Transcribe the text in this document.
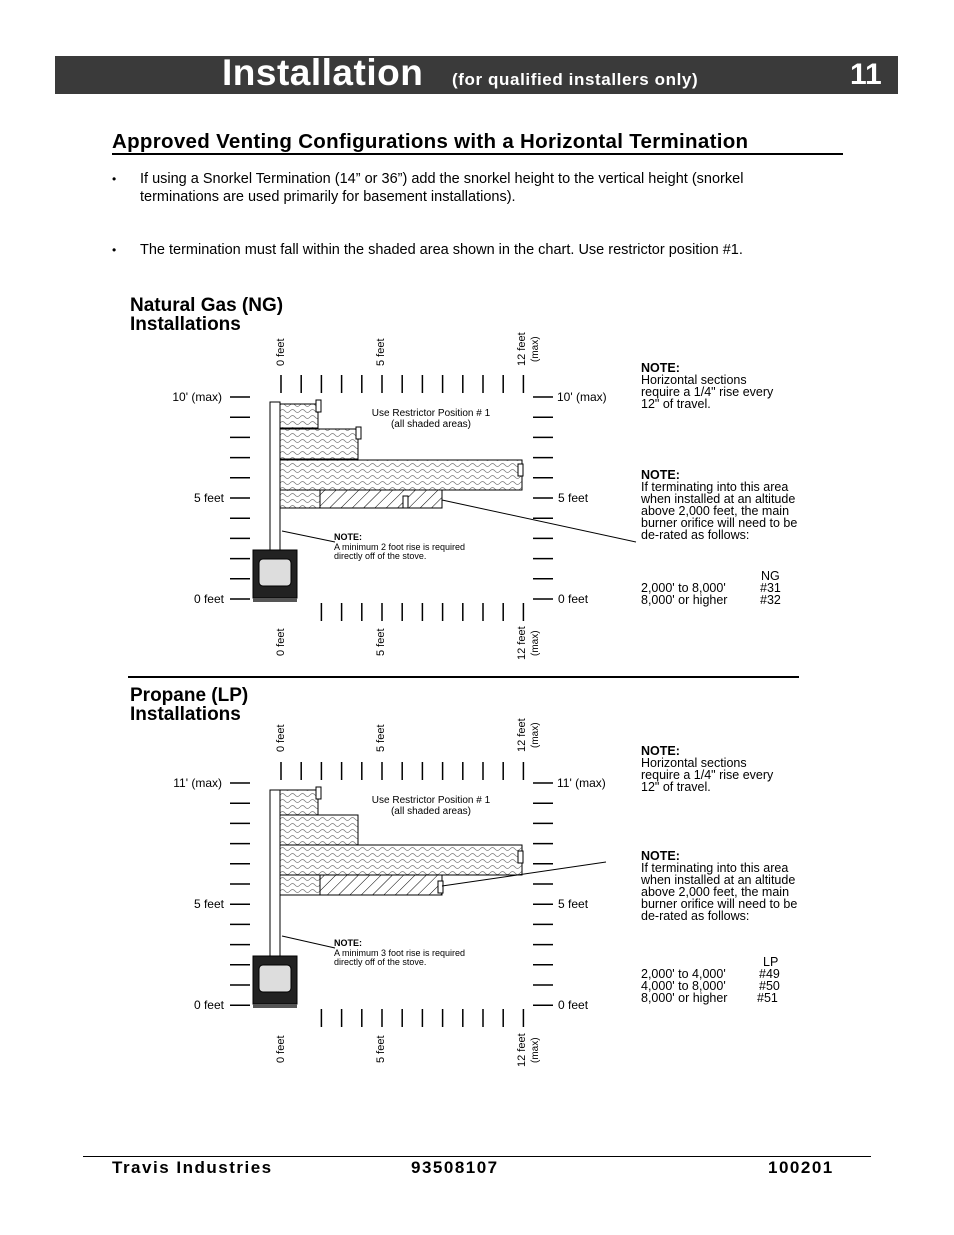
Installation (for qualified installers only)	11
Approved Venting Configurations with a Horizontal Termination
• If using a Snorkel Termination (14” or 36”) add the snorkel height to the vertical height (snorkel terminations are used primarily for basement installations).
• The termination must fall within the shaded area shown in the chart. Use restrictor position #1.
Natural Gas (NG)
Installations
10' (max)	10' (max)
5 feet	5 feet
0 feet	0 feet
0 feet	5 feet	12 feet (max)
0 feet	5 feet	12 feet (max)
Use Restrictor Position # 1
(all shaded areas)
NOTE:
A minimum 2 foot rise is required
directly off of the stove.
NOTE:
Horizontal sections
require a 1/4" rise every
12" of travel.
NOTE:
If terminating into this area
when installed at an altitude
above 2,000 feet, the main
burner orifice will need to be
de-rated as follows:
NG
2,000' to 8,000'	#31
8,000' or higher	#32
Propane (LP)
Installations
11' (max)	11' (max)
5 feet	5 feet
0 feet	0 feet
0 feet	5 feet	12 feet (max)
0 feet	5 feet	12 feet (max)
Use Restrictor Position # 1
(all shaded areas)
NOTE:
A minimum 3 foot rise is required
directly off of the stove.
NOTE:
Horizontal sections
require a 1/4" rise every
12" of travel.
NOTE:
If terminating into this area
when installed at an altitude
above 2,000 feet, the main
burner orifice will need to be
de-rated as follows:
LP
2,000' to 4,000'	#49
4,000' to 8,000'	#50
8,000' or higher #51
Travis Industries	93508107	100201
